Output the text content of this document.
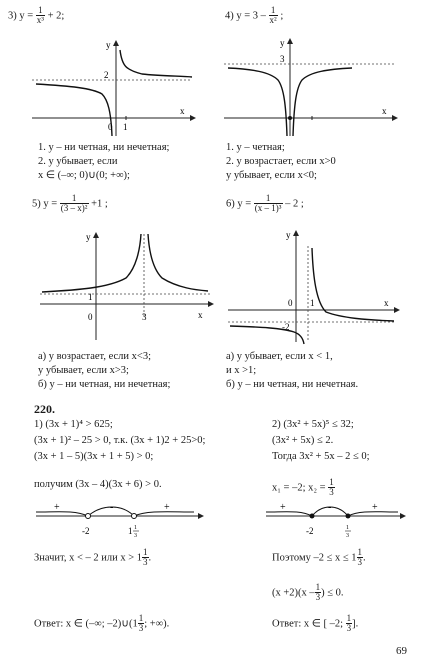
3) $y = \frac{1}{\text{x³}} + 2$;
y
2
0 1
x
1. y – ни четная, ни нечетная;
2. y убывает, если
x ∈ (–∞; 0)∪(0; +∞);
4) $y = 3 - \frac{1}{\text{x²}}$ ;
y
3
x
1. y – четная;
2. y возрастает, если x>0
y убывает, если x<0;
5) $y = \frac{1}{\text{(3 – x)²}} +1$ ;
y
1
0	3	x
а) y возрастает, если x<3;
y убывает, если x>3;
б) y – ни четная, ни нечетная;
6) $y = \frac{1}{\text{(x – 1)³}} - 2$ ;
y
0 1
-2
x
а) y убывает, если x < 1,
и x >1;
б) y – ни четная, ни нечетная.
220.
1) (3x + 1)⁴ > 625;
(3x + 1)² – 25 > 0, т.к. (3x + 1)2 + 25>0;
(3x + 1 – 5)(3x + 1 + 5) > 0;
получим (3x – 4)(3x + 6) > 0.
+	-	+
-2	1 1
3
Значит, x < – 2 или $x > 1 \frac{1}{3}$ .
Ответ: x ∈ (–∞; –2)∪(1 $\frac{1}{3}$ ; +∞).
2) (3x² + 5x)⁵ ≤ 32;
(3x² + 5x) ≤ 2.
Тогда 3x² + 5x – 2 ≤ 0;
x₁ = –2; $x_2 = \frac{1}{3}$
+	-	+
-2	1
3
Поэтому $-2 \le x \le 1 \frac{1}{3}$ .
$(x +2)(x - \frac{1}{3}$ ) ≤ 0.
Ответ: x ∈ [ –2; $\frac{1}{3}$ ].
69
